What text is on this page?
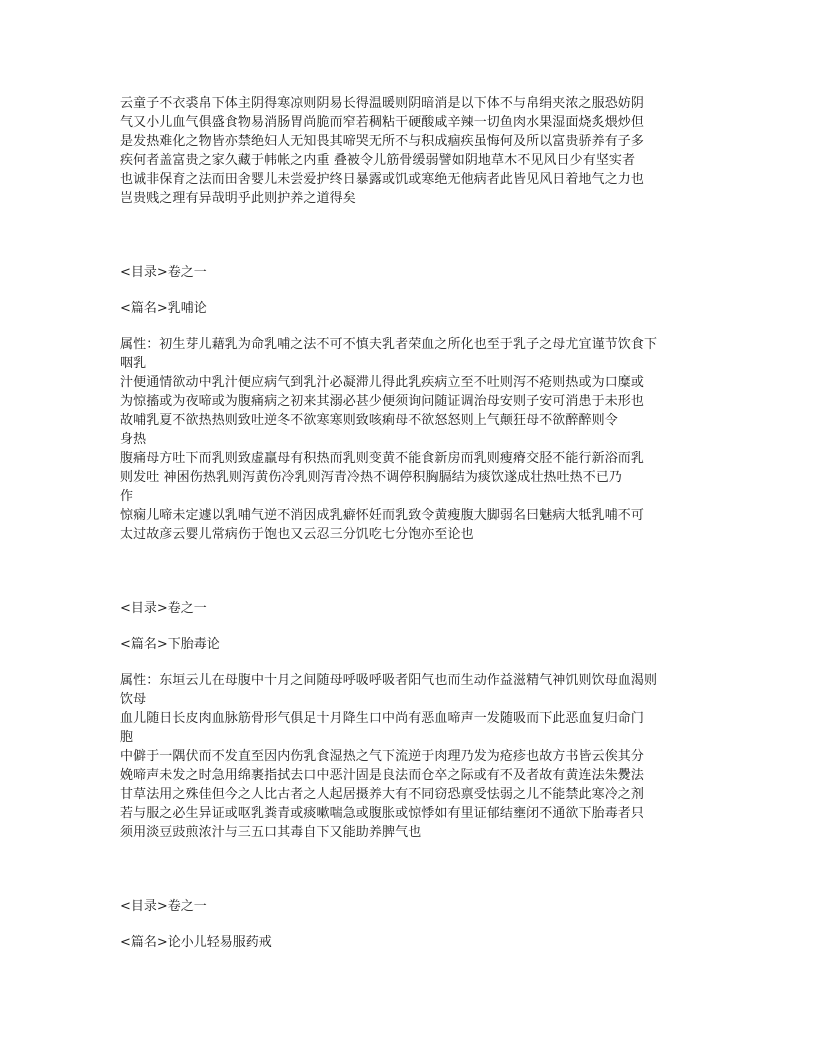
云童子不衣裘帛下体主阴得寒凉则阴易长得温暖则阴暗消是以下体不与帛绢夹浓之服恐妨阴
气又小儿血气俱盛食物易消肠胃尚脆而窄若稠粘干硬酸咸辛辣一切鱼肉水果湿面烧炙煨炒但
是发热难化之物皆亦禁绝妇人无知畏其啼哭无所不与积成痼疾虽悔何及所以富贵骄养有子多
疾何者盖富贵之家久藏于帏帐之内重 叠被令儿筋骨缓弱譬如阴地草木不见风日少有坚实者
也诚非保育之法而田舍婴儿未尝爱护终日暴露或饥或寒绝无他病者此皆见风日着地气之力也
岂贵贱之理有异哉明乎此则护养之道得矣
<目录>卷之一
<篇名>乳哺论
属性：初生芽儿藉乳为命乳哺之法不可不慎夫乳者荣血之所化也至于乳子之母尤宜谨节饮食下
咽乳
汁便通情欲动中乳汁便应病气到乳汁必凝滞儿得此乳疾病立至不吐则泻不疮则热或为口糜或
为惊搐或为夜啼或为腹痛病之初来其溺必甚少便须询问随证调治母安则子安可消患于未形也
故哺乳夏不欲热热则致吐逆冬不欲寒寒则致咳痢母不欲怒怒则上气颠狂母不欲醉醉则令
身热
腹痛母方吐下而乳则致虚羸母有积热而乳则变黄不能食新房而乳则瘦瘠交胫不能行新浴而乳
则发吐 神困伤热乳则泻黄伤冷乳则泻青冷热不调停积胸膈结为痰饮遂成壮热吐热不已乃
作
惊痫儿啼未定遽以乳哺气逆不消因成乳癖怀妊而乳致令黄瘦腹大脚弱名曰魅病大牴乳哺不可
太过故彦云婴儿常病伤于饱也又云忍三分饥吃七分饱亦至论也
<目录>卷之一
<篇名>下胎毒论
属性：东垣云儿在母腹中十月之间随母呼吸呼吸者阳气也而生动作益滋精气神饥则饮母血渴则
饮母
血儿随日长皮肉血脉筋骨形气俱足十月降生口中尚有恶血啼声一发随吸而下此恶血复归命门
胞
中僻于一隅伏而不发直至因内伤乳食湿热之气下流逆于肉理乃发为疮疹也故方书皆云俟其分
娩啼声未发之时急用绵裹指拭去口中恶汁固是良法而仓卒之际或有不及者故有黄连法朱㸑法
甘草法用之殊佳但今之人比古者之人起居摄养大有不同窃恐禀受怯弱之儿不能禁此寒冷之剂
若与服之必生异证或呕乳粪青或痰嗽喘急或腹胀或惊悸如有里证郁结壅闭不通欲下胎毒者只
须用淡豆豉煎浓汁与三五口其毒自下又能助养脾气也
<目录>卷之一
<篇名>论小儿轻易服药戒
